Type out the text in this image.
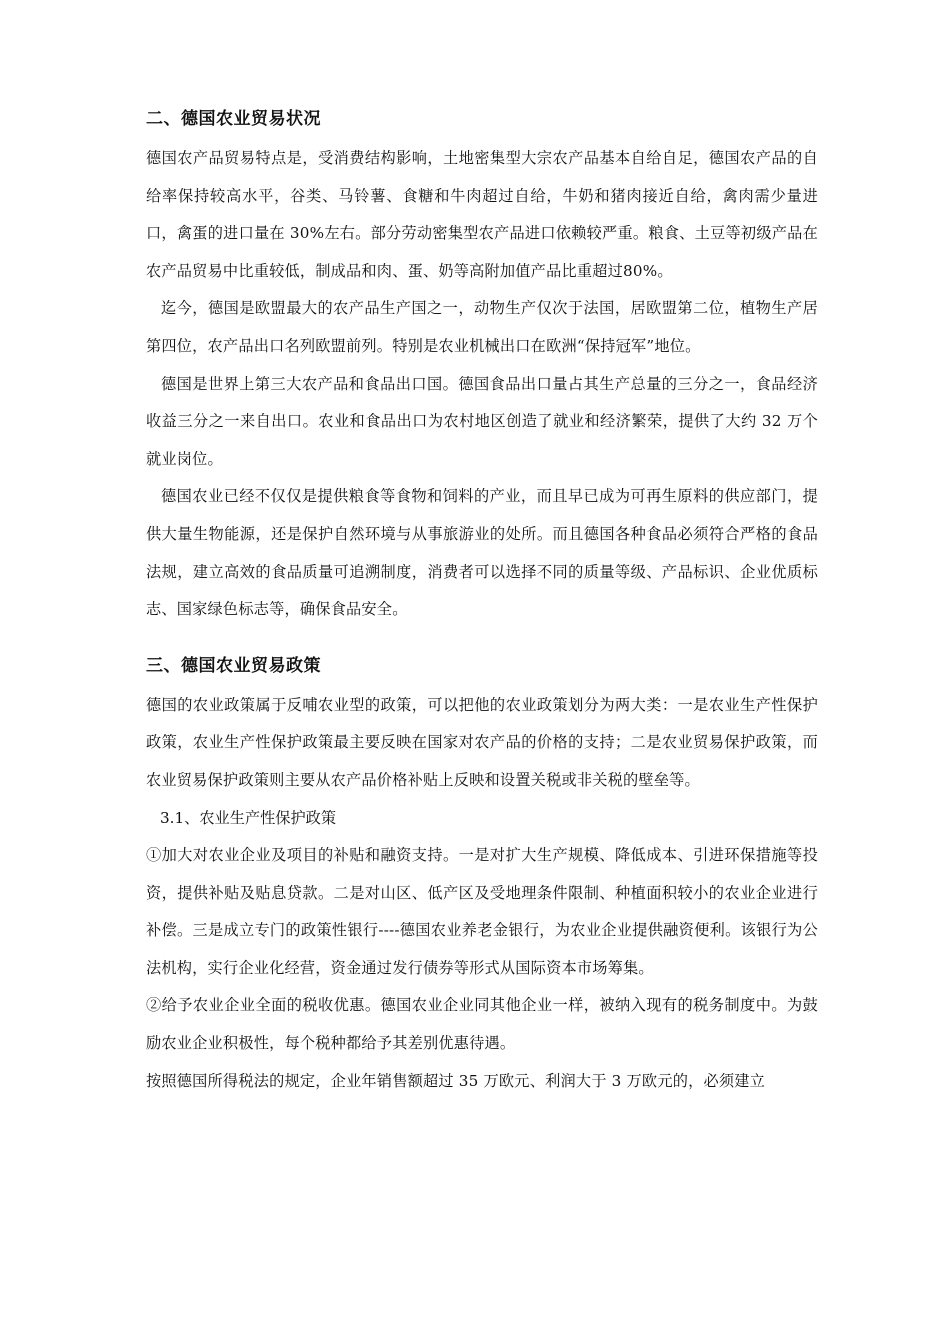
二、德国农业贸易状况

德国农产品贸易特点是，受消费结构影响，土地密集型大宗农产品基本自给自足，德国农产品的自给率保持较高水平，谷类、马铃薯、食糖和牛肉超过自给，牛奶和猪肉接近自给，禽肉需少量进口，禽蛋的进口量在 30%左右。部分劳动密集型农产品进口依赖较严重。粮食、土豆等初级产品在农产品贸易中比重较低，制成品和肉、蛋、奶等高附加值产品比重超过80%。

迄今，德国是欧盟最大的农产品生产国之一，动物生产仅次于法国，居欧盟第二位，植物生产居第四位，农产品出口名列欧盟前列。特别是农业机械出口在欧洲“保持冠军”地位。

德国是世界上第三大农产品和食品出口国。德国食品出口量占其生产总量的三分之一，食品经济收益三分之一来自出口。农业和食品出口为农村地区创造了就业和经济繁荣，提供了大约 32 万个就业岗位。

德国农业已经不仅仅是提供粮食等食物和饲料的产业，而且早已成为可再生原料的供应部门，提供大量生物能源，还是保护自然环境与从事旅游业的处所。而且德国各种食品必须符合严格的食品法规，建立高效的食品质量可追溯制度，消费者可以选择不同的质量等级、产品标识、企业优质标志、国家绿色标志等，确保食品安全。

三、德国农业贸易政策

德国的农业政策属于反哺农业型的政策，可以把他的农业政策划分为两大类：一是农业生产性保护政策，农业生产性保护政策最主要反映在国家对农产品的价格的支持；二是农业贸易保护政策，而农业贸易保护政策则主要从农产品价格补贴上反映和设置关税或非关税的壁垒等。

3.1、农业生产性保护政策

①加大对农业企业及项目的补贴和融资支持。一是对扩大生产规模、降低成本、引进环保措施等投资，提供补贴及贴息贷款。二是对山区、低产区及受地理条件限制、种植面积较小的农业企业进行补偿。三是成立专门的政策性银行----德国农业养老金银行，为农业企业提供融资便利。该银行为公法机构，实行企业化经营，资金通过发行债券等形式从国际资本市场筹集。

②给予农业企业全面的税收优惠。德国农业企业同其他企业一样，被纳入现有的税务制度中。为鼓励农业企业积极性，每个税种都给予其差别优惠待遇。

按照德国所得税法的规定，企业年销售额超过 35 万欧元、利润大于 3 万欧元的，必须建立
